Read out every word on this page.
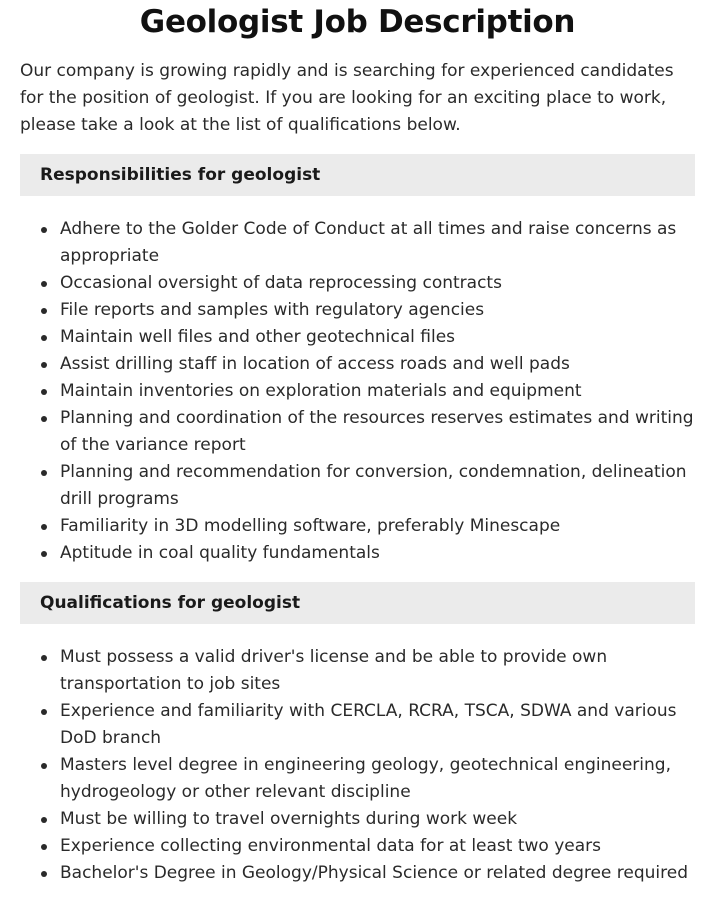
Geologist Job Description

Our company is growing rapidly and is searching for experienced candidates for the position of geologist. If you are looking for an exciting place to work, please take a look at the list of qualifications below.

Responsibilities for geologist
Adhere to the Golder Code of Conduct at all times and raise concerns as appropriate
Occasional oversight of data reprocessing contracts
File reports and samples with regulatory agencies
Maintain well files and other geotechnical files
Assist drilling staff in location of access roads and well pads
Maintain inventories on exploration materials and equipment
Planning and coordination of the resources reserves estimates and writing of the variance report
Planning and recommendation for conversion, condemnation, delineation drill programs
Familiarity in 3D modelling software, preferably Minescape
Aptitude in coal quality fundamentals
Qualifications for geologist
Must possess a valid driver's license and be able to provide own transportation to job sites
Experience and familiarity with CERCLA, RCRA, TSCA, SDWA and various DoD branch
Masters level degree in engineering geology, geotechnical engineering, hydrogeology or other relevant discipline
Must be willing to travel overnights during work week
Experience collecting environmental data for at least two years
Bachelor's Degree in Geology/Physical Science or related degree required
